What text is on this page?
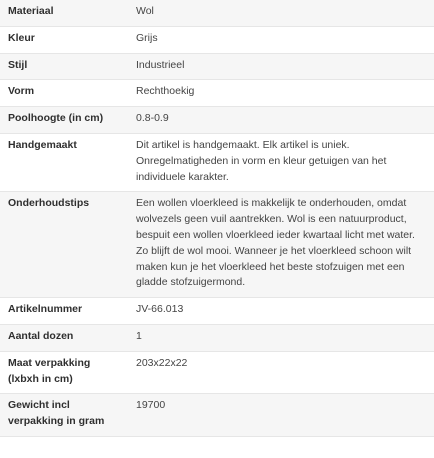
Materiaal	Wol
Kleur	Grijs
Stijl	Industrieel
Vorm	Rechthoekig
Poolhoogte (in cm)	0.8-0.9
Handgemaakt	Dit artikel is handgemaakt. Elk artikel is uniek. Onregelmatigheden in vorm en kleur getuigen van het individuele karakter.
Onderhoudstips	Een wollen vloerkleed is makkelijk te onderhouden, omdat wolvezels geen vuil aantrekken. Wol is een natuurproduct, bespuit een wollen vloerkleed ieder kwartaal licht met water. Zo blijft de wol mooi. Wanneer je het vloerkleed schoon wilt maken kun je het vloerkleed het beste stofzuigen met een gladde stofzuigermond.
Artikelnummer	JV-66.013
Aantal dozen	1
Maat verpakking (lxbxh in cm)	203x22x22
Gewicht incl verpakking in gram	19700
